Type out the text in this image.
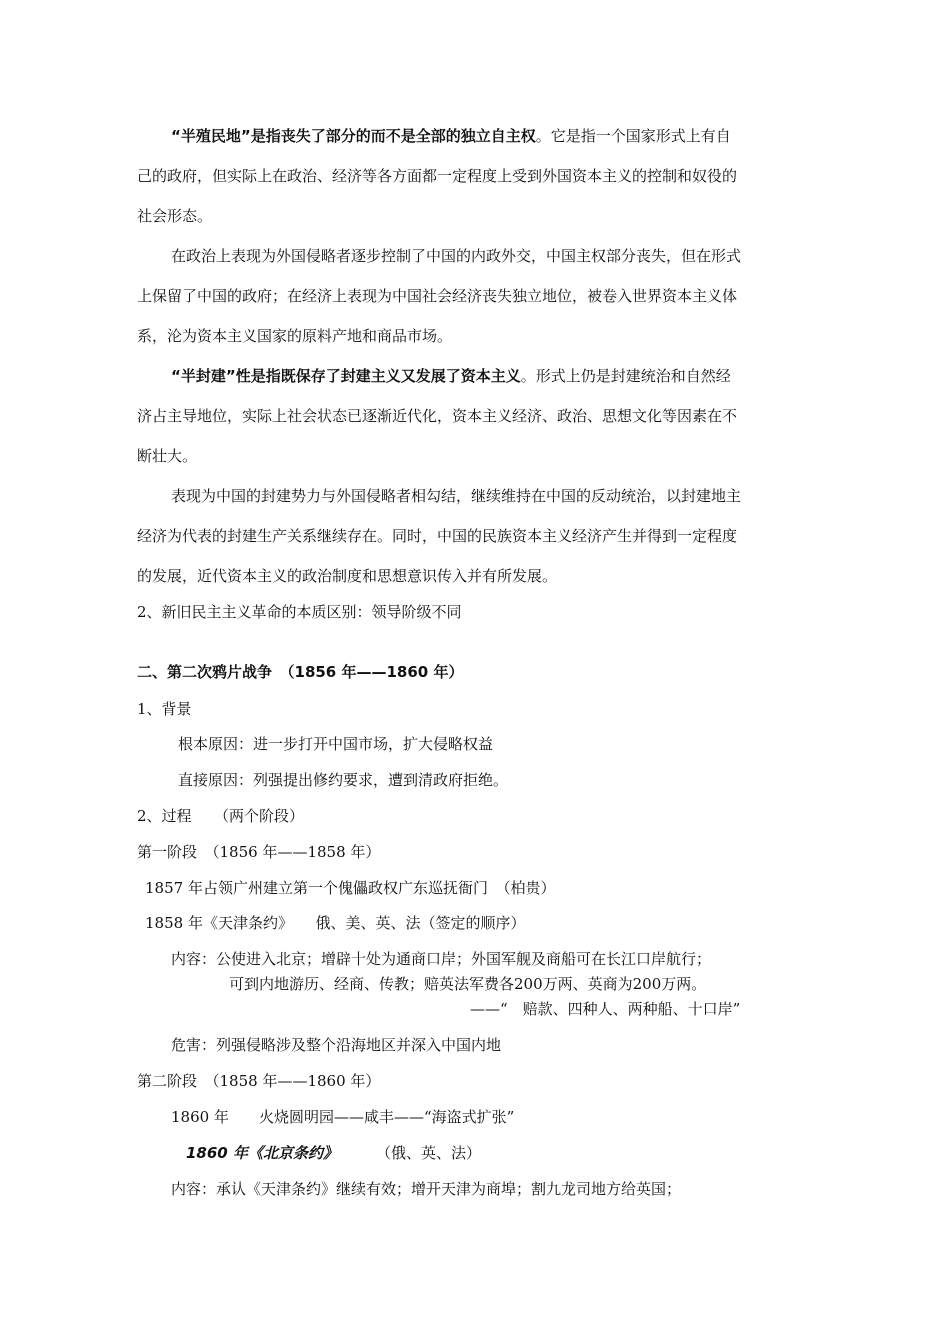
“半殖民地”是指丧失了部分的而不是全部的独立自主权。它是指一个国家形式上有自
己的政府，但实际上在政治、经济等各方面都一定程度上受到外国资本主义的控制和奴役的
社会形态。
在政治上表现为外国侵略者逐步控制了中国的内政外交，中国主权部分丧失，但在形式
上保留了中国的政府；在经济上表现为中国社会经济丧失独立地位，被卷入世界资本主义体
系，沦为资本主义国家的原料产地和商品市场。
“半封建”性是指既保存了封建主义又发展了资本主义。形式上仍是封建统治和自然经
济占主导地位，实际上社会状态已逐渐近代化，资本主义经济、政治、思想文化等因素在不
断壮大。
表现为中国的封建势力与外国侵略者相勾结，继续维持在中国的反动统治，以封建地主
经济为代表的封建生产关系继续存在。同时，中国的民族资本主义经济产生并得到一定程度
的发展，近代资本主义的政治制度和思想意识传入并有所发展。
2、新旧民主主义革命的本质区别：领导阶级不同
二、第二次鸦片战争　（1856 年——1860 年）
1、背景
根本原因：进一步打开中国市场，扩大侵略权益
直接原因：列强提出修约要求，遭到清政府拒绝。
2、过程　　（两个阶段）
第一阶段　（1856 年——1858 年）
1857 年占领广州建立第一个傀儡政权广东巡抚衙门　（柏贵）
1858 年《天津条约》　　俄、美、英、法（签定的顺序）
内容：公使进入北京；增辟十处为通商口岸；外国军舰及商船可在长江口岸航行；
可到内地游历、经商、传教；赔英法军费各200万两、英商为200万两。
——“　赔款、四种人、两种船、十口岸”
危害：列强侵略涉及整个沿海地区并深入中国内地
第二阶段　（1858 年——1860 年）
1860 年　　火烧圆明园——咸丰——“海盗式扩张”
1860 年《北京条约》	（俄、英、法）
内容：承认《天津条约》继续有效；增开天津为商埠；割九龙司地方给英国；
